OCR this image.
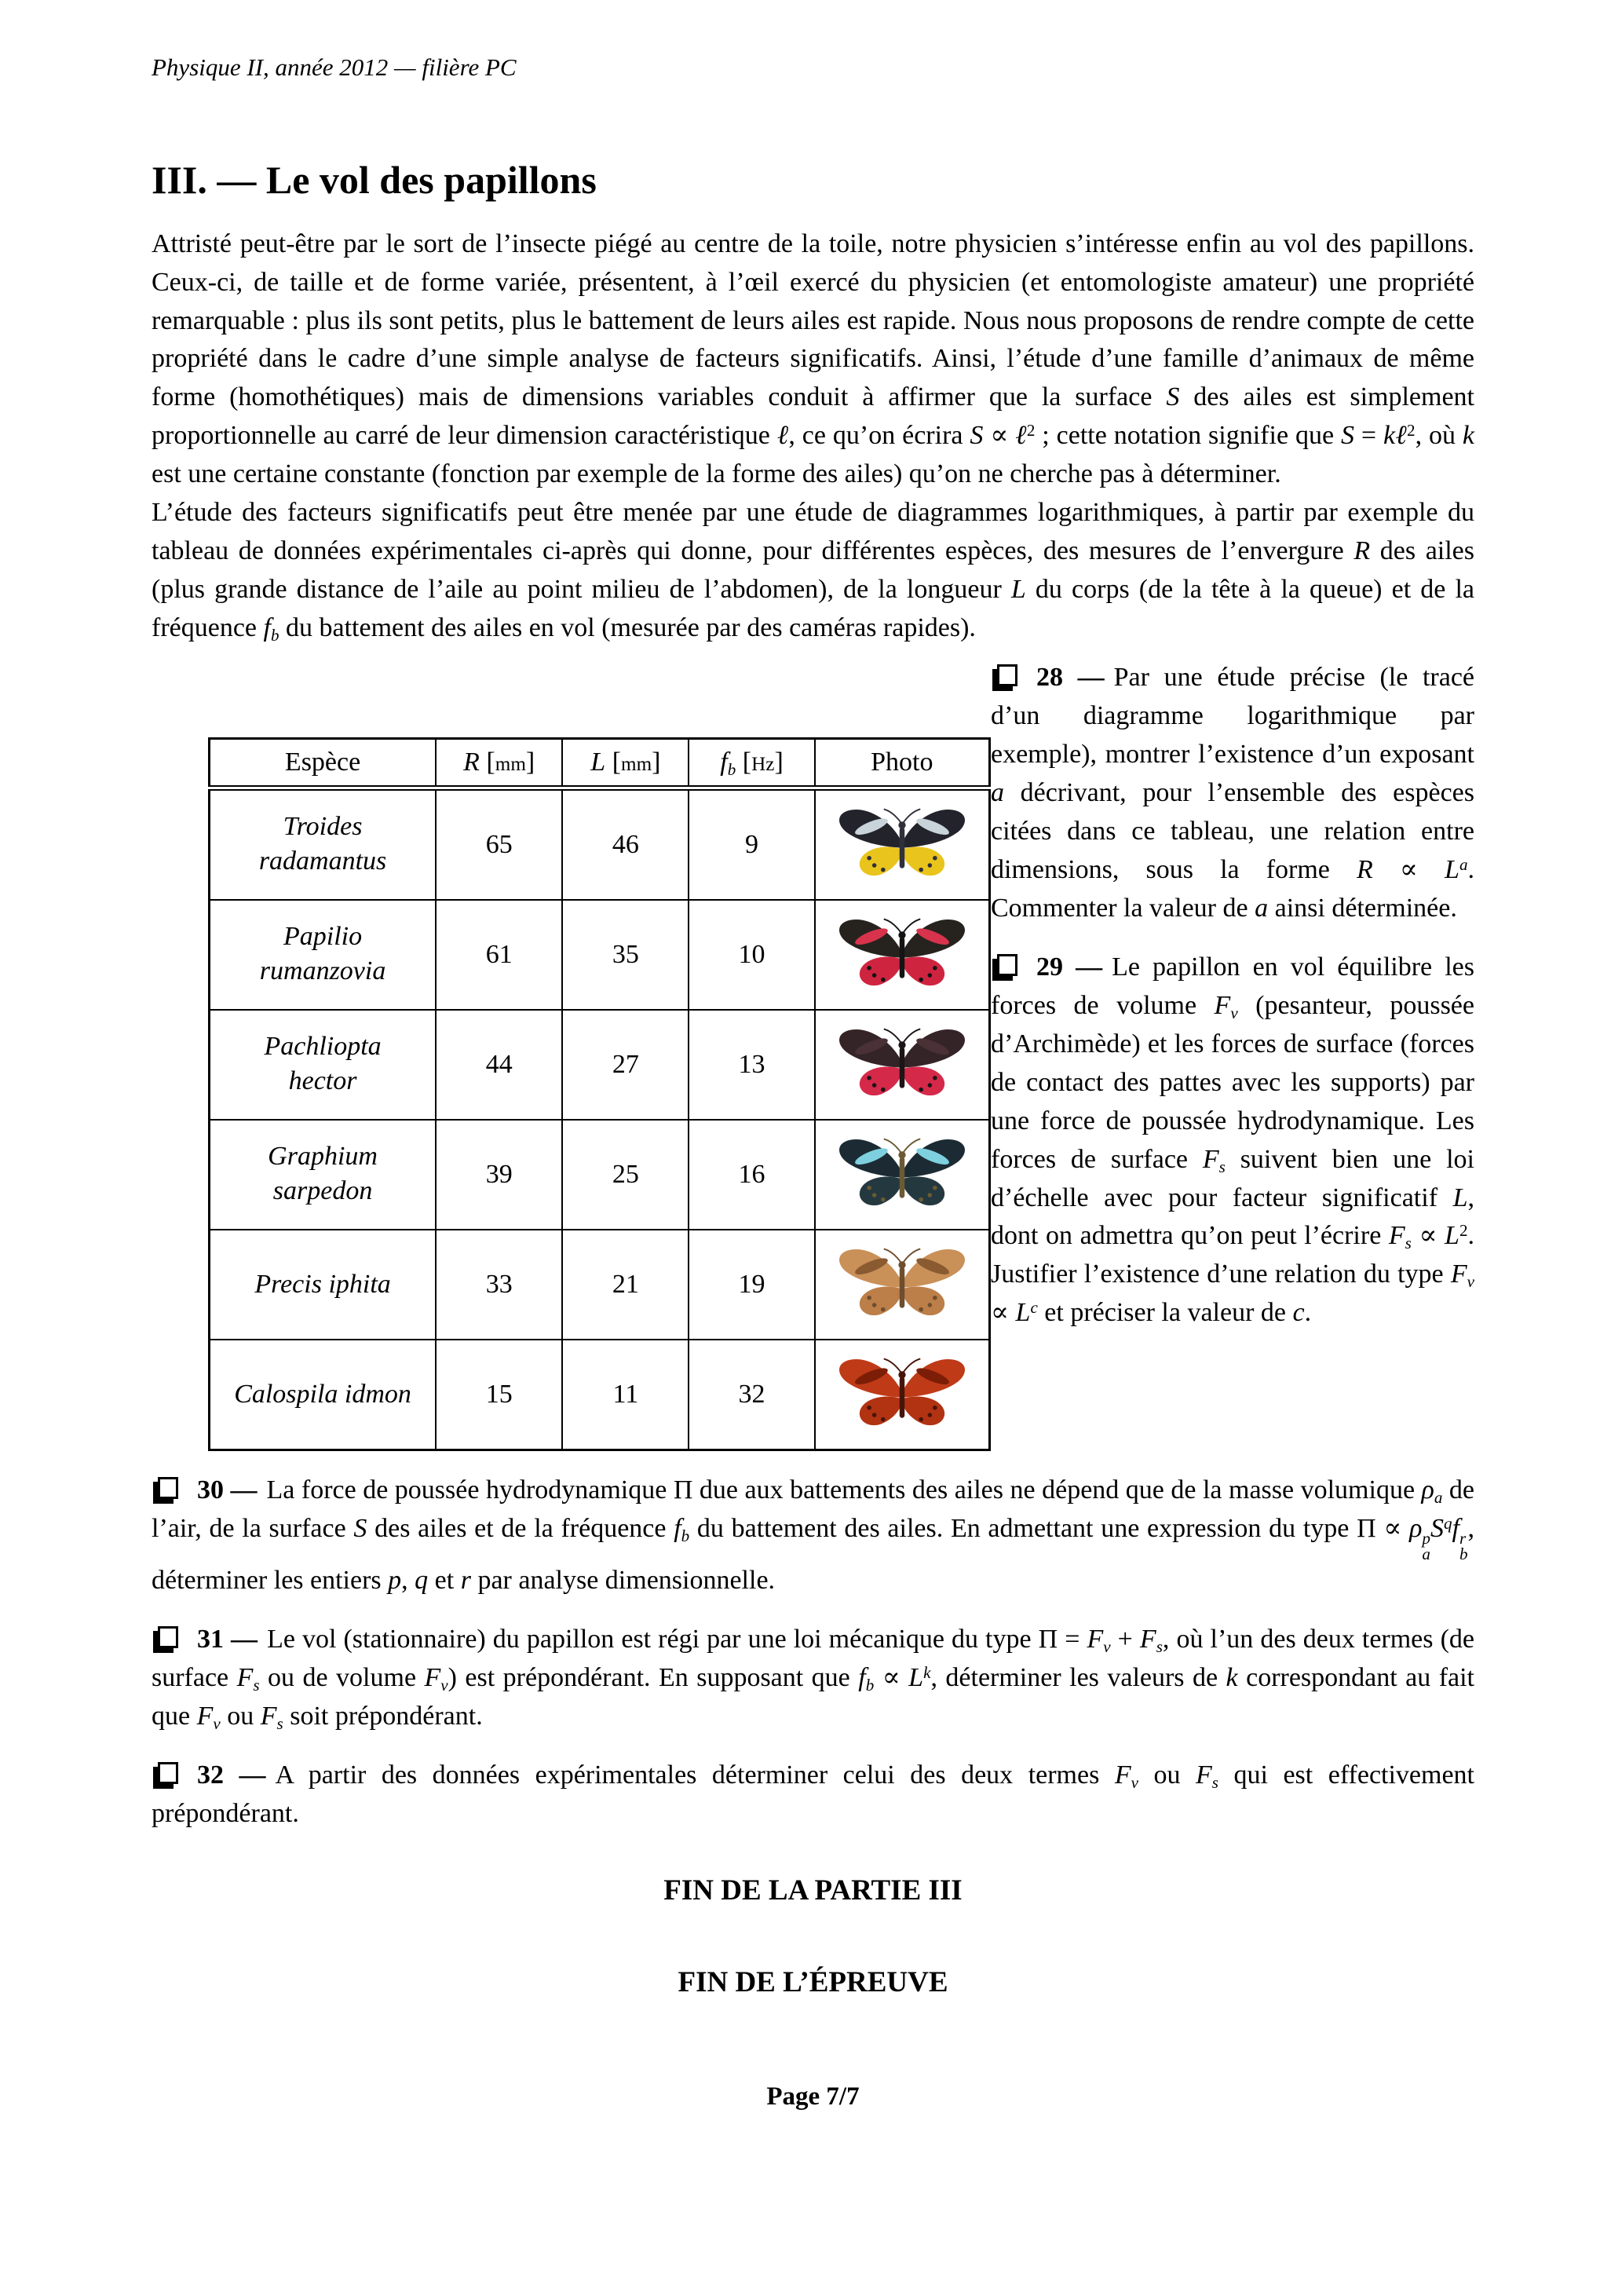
Physique II, année 2012 — filière PC
III. — Le vol des papillons

Attristé peut-être par le sort de l’insecte piégé au centre de la toile, notre physicien s’intéresse enfin au vol des papillons. Ceux-ci, de taille et de forme variée, présentent, à l’œil exercé du physicien (et entomologiste amateur) une propriété remarquable : plus ils sont petits, plus le battement de leurs ailes est rapide. Nous nous proposons de rendre compte de cette propriété dans le cadre d’une simple analyse de facteurs significatifs. Ainsi, l’étude d’une famille d’animaux de même forme (homothétiques) mais de dimensions variables conduit à affirmer que la surface S des ailes est simplement proportionnelle au carré de leur dimension caractéristique ℓ, ce qu’on écrira S ∝ ℓ$^2$ ; cette notation signifie que S = kℓ$^2$, où k est une certaine constante (fonction par exemple de la forme des ailes) qu’on ne cherche pas à déterminer.

L’étude des facteurs significatifs peut être menée par une étude de diagrammes logarithmiques, à partir par exemple du tableau de données expérimentales ci-après qui donne, pour différentes espèces, des mesures de l’envergure R des ailes (plus grande distance de l’aile au point milieu de l’abdomen), de la longueur L du corps (de la tête à la queue) et de la fréquence $f_b$ du battement des ailes en vol (mesurée par des caméras rapides).

Espèce	R [mm]	L [mm]	$f_b$ [Hz]	Photo
Troides radamantus	65	46	9	

Papilio rumanzovia	61	35	10	

Pachliopta hector	44	27	13	

Graphium sarpedon	39	25	16	

Precis iphita	33	21	19	

Calospila idmon	15	11	32	

28 — Par une étude précise (le tracé d’un diagramme logarithmique par exemple), montrer l’existence d’un exposant a décrivant, pour l’ensemble des espèces citées dans ce tableau, une relation entre dimensions, sous la forme $R \propto L^a$. Commenter la valeur de a ainsi déterminée.

29 — Le papillon en vol équilibre les forces de volume $F_v$ (pesanteur, poussée d’Archimède) et les forces de surface (forces de contact des pattes avec les supports) par une force de poussée hydrodynamique. Les forces de surface $F_s$ suivent bien une loi d’échelle avec pour facteur significatif L, dont on admettra qu’on peut l’écrire $F_s \propto L^2$. Justifier l’existence d’une relation du type $F_v \propto L^c$ et préciser la valeur de c.

30 — La force de poussée hydrodynamique Π due aux battements des ailes ne dépend que de la masse volumique $\rho_a$ de l’air, de la surface S des ailes et de la fréquence $f_b$ du battement des ailes. En admettant une expression du type Π ∝ ρ p
a
$S^qf$ r
b
, déterminer les entiers p, q et r par analyse dimensionnelle.

31 — Le vol (stationnaire) du papillon est régi par une loi mécanique du type $\Pi = F_v + F_s$, où l’un des deux termes (de surface $F_s$ ou de volume $F_v$) est prépondérant. En supposant que $f_b \propto L^k$, déterminer les valeurs de k correspondant au fait que $F_v$ ou $F_s$ soit prépondérant.

32 — A partir des données expérimentales déterminer celui des deux termes $F_v$ ou $F_s$ qui est effectivement prépondérant.

FIN DE LA PARTIE III

FIN DE L’ÉPREUVE

Page 7/7
